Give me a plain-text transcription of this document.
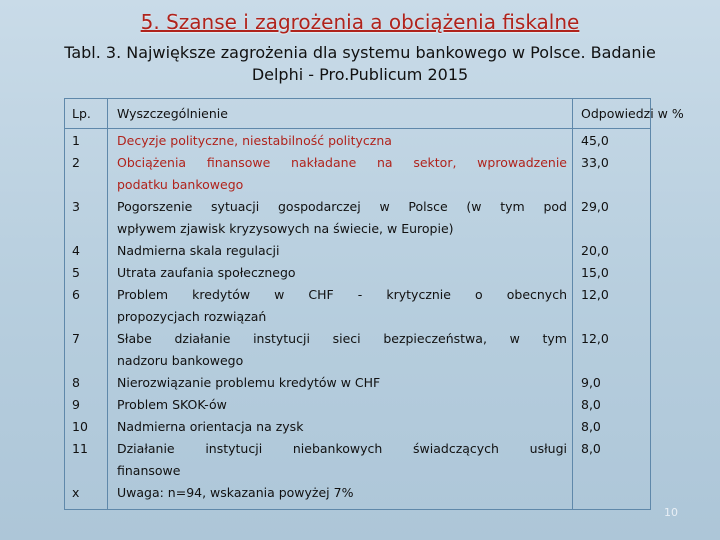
5. Szanse i zagrożenia a obciążenia fiskalne
Tabl. 3. Największe zagrożenia dla systemu bankowego w Polsce. Badanie
Delphi - Pro.Publicum 2015
Lp.
1
2
3
4
5
6
7
8
9
10
11
x
Wyszczególnienie
Decyzje polityczne, niestabilność polityczna
Obciążenia finansowe nakładane na sektor, wprowadzenie
podatku bankowego
Pogorszenie sytuacji gospodarczej w Polsce (w tym pod
wpływem zjawisk kryzysowych na świecie, w Europie)
Nadmierna skala regulacji
Utrata zaufania społecznego
Problem kredytów w CHF - krytycznie o obecnych
propozycjach rozwiązań
Słabe działanie instytucji sieci bezpieczeństwa, w tym
nadzoru bankowego
Nierozwiązanie problemu kredytów w CHF
Problem SKOK-ów
Nadmierna orientacja na zysk
Działanie instytucji niebankowych świadczących usługi
finansowe
Uwaga: n=94, wskazania powyżej 7%
Odpowiedzi w %
45,0
33,0
29,0
20,0
15,0
12,0
12,0
9,0
8,0
8,0
8,0
10
